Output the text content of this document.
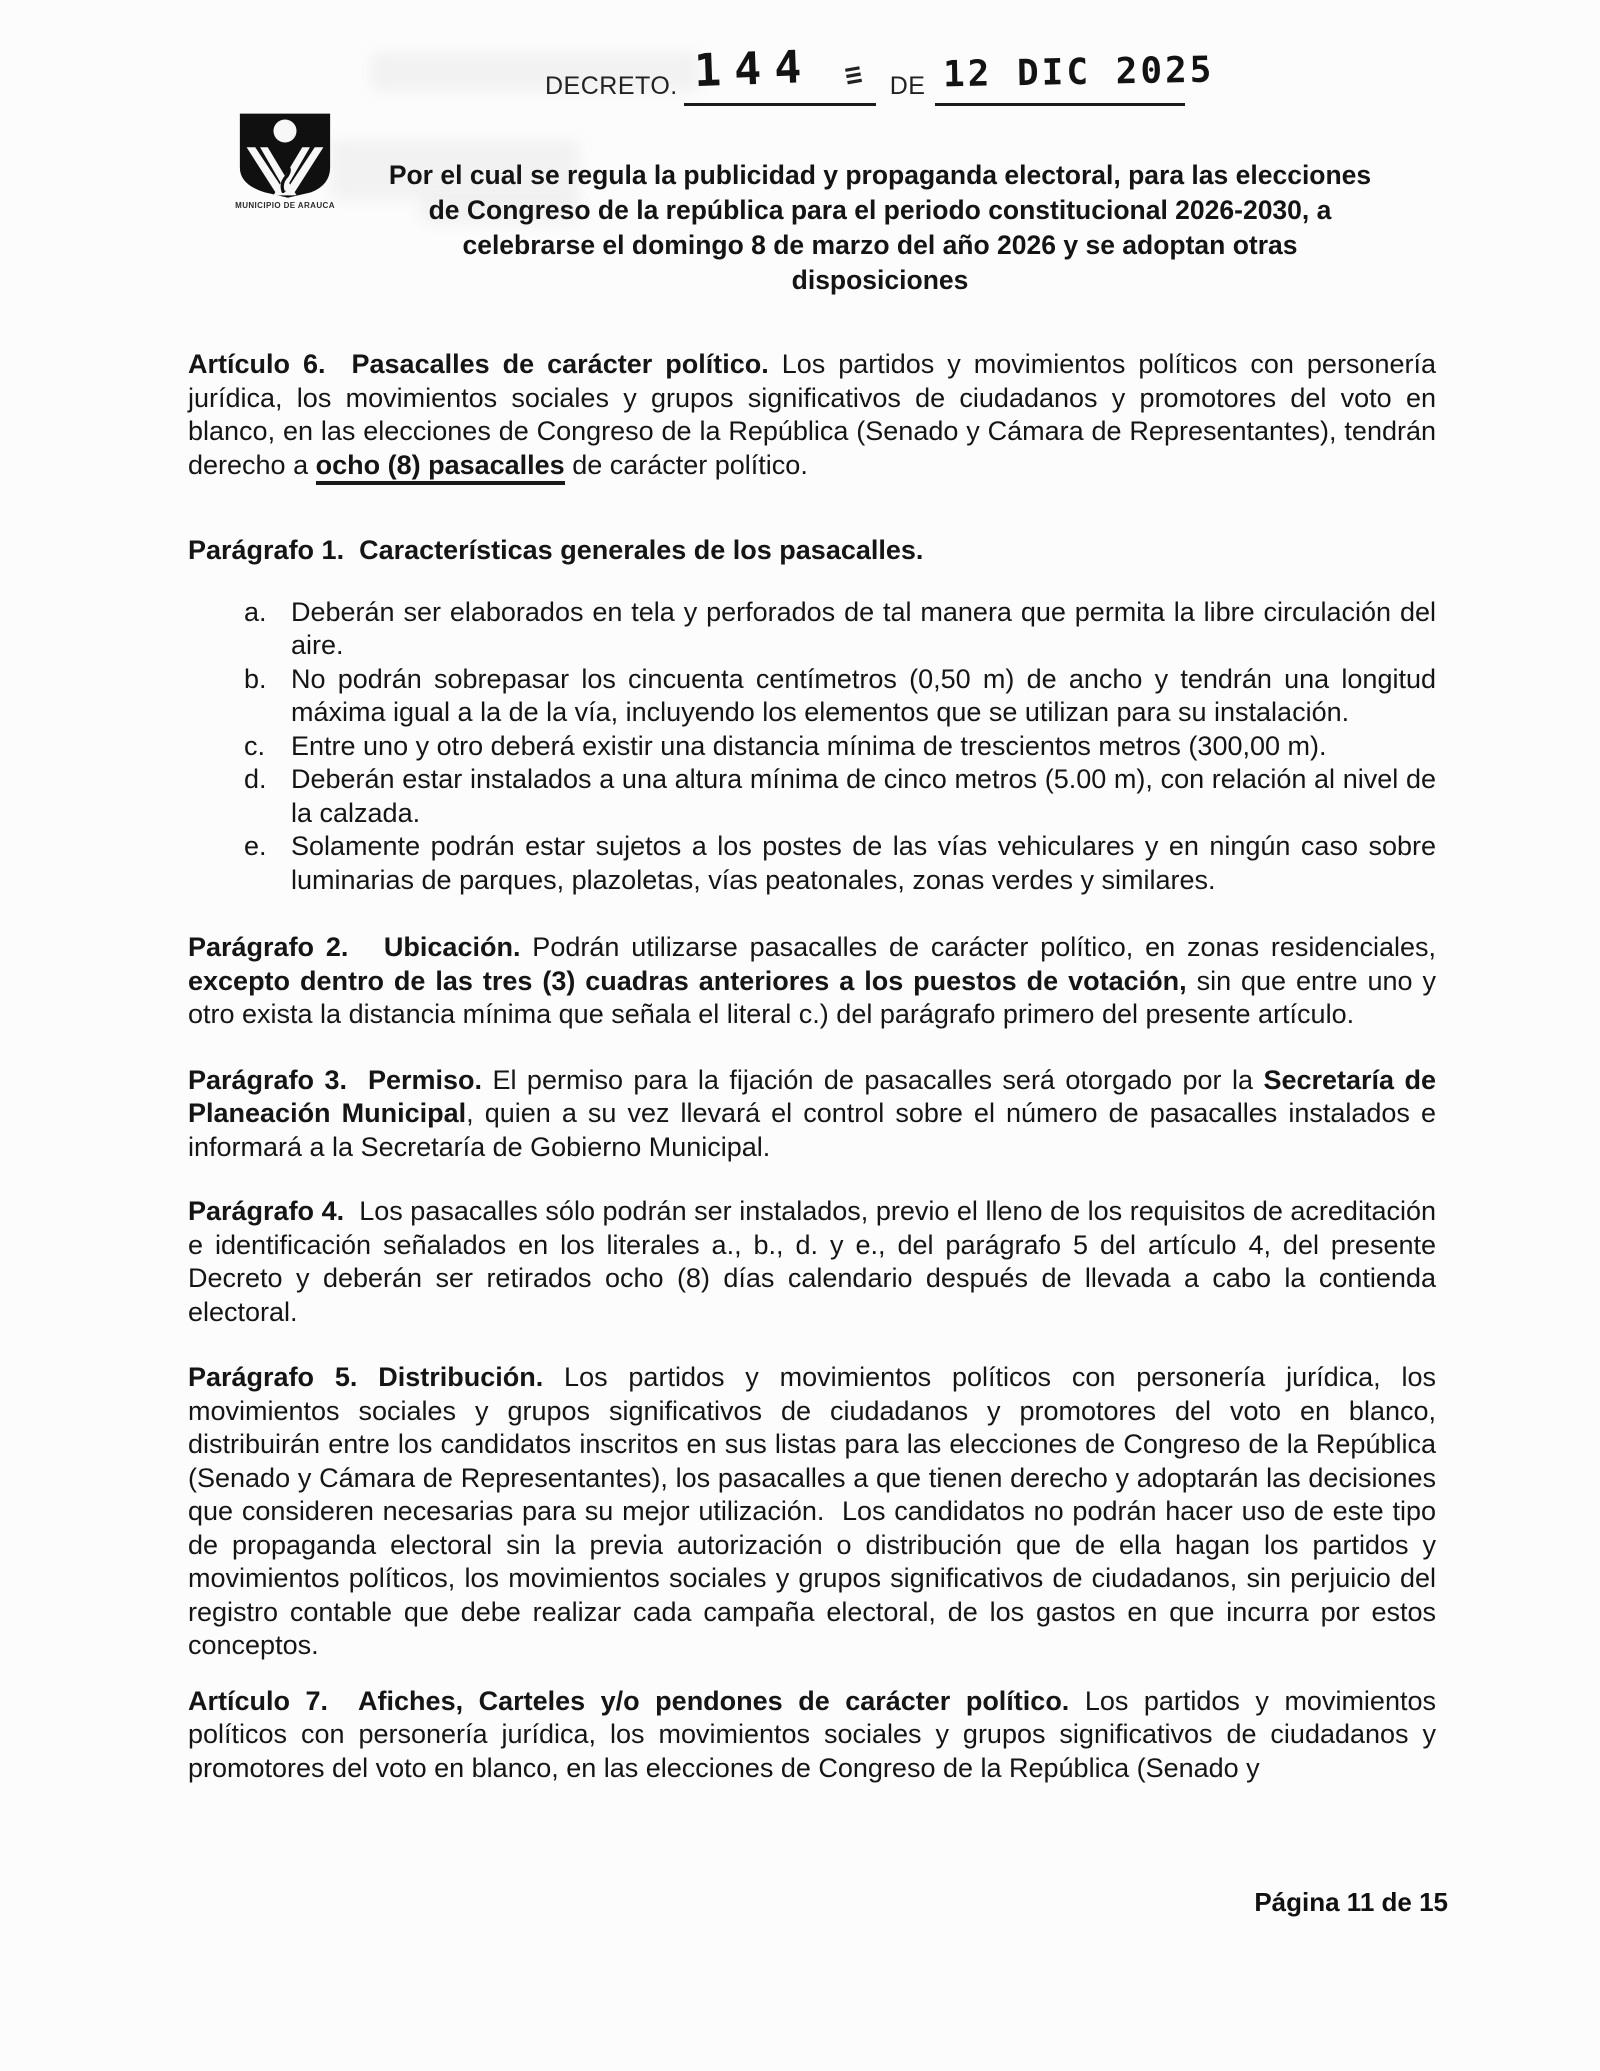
DECRETO. 144 ≡ DE 12 DIC 2025
MUNICIPIO DE ARAUCA
Por el cual se regula la publicidad y propaganda electoral, para las elecciones
de Congreso de la república para el periodo constitucional 2026-2030, a
celebrarse el domingo 8 de marzo del año 2026 y se adoptan otras
disposiciones

Artículo 6.  Pasacalles de carácter político. Los partidos y movimientos políticos con personería jurídica, los movimientos sociales y grupos significativos de ciudadanos y promotores del voto en blanco, en las elecciones de Congreso de la República (Senado y Cámara de Representantes), tendrán derecho a ocho (8) pasacalles de carácter político.

Parágrafo 1.  Características generales de los pasacalles.

a. Deberán ser elaborados en tela y perforados de tal manera que permita la libre circulación del aire.
b. No podrán sobrepasar los cincuenta centímetros (0,50 m) de ancho y tendrán una longitud máxima igual a la de la vía, incluyendo los elementos que se utilizan para su instalación.
c. Entre uno y otro deberá existir una distancia mínima de trescientos metros (300,00 m).
d. Deberán estar instalados a una altura mínima de cinco metros (5.00 m), con relación al nivel de la calzada.
e. Solamente podrán estar sujetos a los postes de las vías vehiculares y en ningún caso sobre luminarias de parques, plazoletas, vías peatonales, zonas verdes y similares.

Parágrafo 2.   Ubicación. Podrán utilizarse pasacalles de carácter político, en zonas residenciales, excepto dentro de las tres (3) cuadras anteriores a los puestos de votación, sin que entre uno y otro exista la distancia mínima que señala el literal c.) del parágrafo primero del presente artículo.

Parágrafo 3.  Permiso. El permiso para la fijación de pasacalles será otorgado por la Secretaría de Planeación Municipal, quien a su vez llevará el control sobre el número de pasacalles instalados e informará a la Secretaría de Gobierno Municipal.

Parágrafo 4.  Los pasacalles sólo podrán ser instalados, previo el lleno de los requisitos de acreditación e identificación señalados en los literales a., b., d. y e., del parágrafo 5 del artículo 4, del presente Decreto y deberán ser retirados ocho (8) días calendario después de llevada a cabo la contienda electoral.

Parágrafo 5. Distribución. Los partidos y movimientos políticos con personería jurídica, los movimientos sociales y grupos significativos de ciudadanos y promotores del voto en blanco, distribuirán entre los candidatos inscritos en sus listas para las elecciones de Congreso de la República (Senado y Cámara de Representantes), los pasacalles a que tienen derecho y adoptarán las decisiones que consideren necesarias para su mejor utilización.  Los candidatos no podrán hacer uso de este tipo de propaganda electoral sin la previa autorización o distribución que de ella hagan los partidos y movimientos políticos, los movimientos sociales y grupos significativos de ciudadanos, sin perjuicio del registro contable que debe realizar cada campaña electoral, de los gastos en que incurra por estos conceptos.

Artículo 7.  Afiches, Carteles y/o pendones de carácter político. Los partidos y movimientos políticos con personería jurídica, los movimientos sociales y grupos significativos de ciudadanos y promotores del voto en blanco, en las elecciones de Congreso de la República (Senado y

Página 11 de 15
